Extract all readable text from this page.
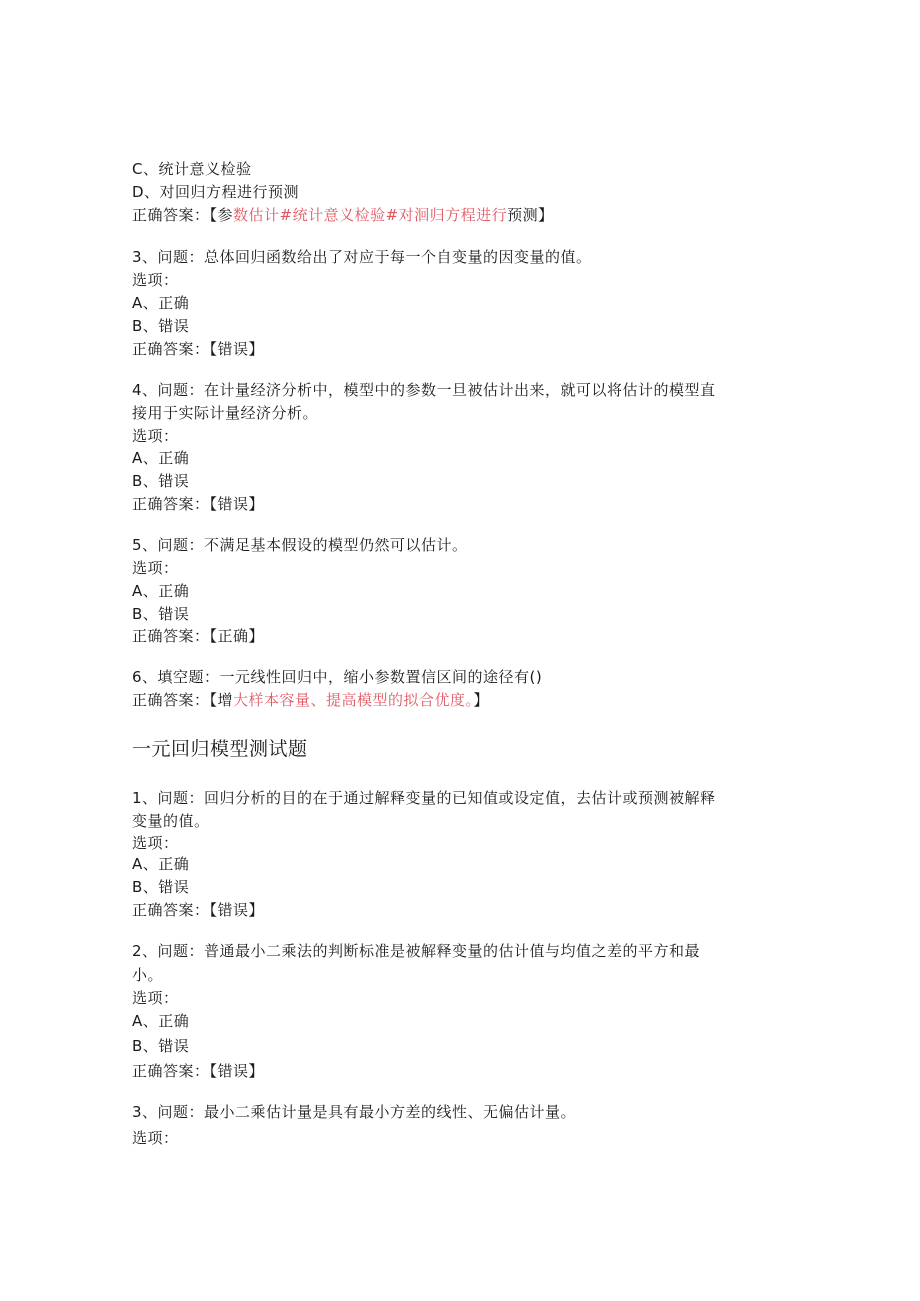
C、统计意义检验
D、对回归方程进行预测
正确答案：【参数估计#统计意义检验#对洄归方程进行预测】
3、问题：总体回归函数给出了对应于每一个自变量的因变量的值。
选项：
A、正确
B、错误
正确答案：【错误】
4、问题：在计量经济分析中，模型中的参数一旦被估计出来，就可以将估计的模型直
接用于实际计量经济分析。
选项：
A、正确
B、错误
正确答案：【错误】
5、问题：不满足基本假设的模型仍然可以估计。
选项：
A、正确
B、错误
正确答案：【正确】
6、填空题：一元线性回归中，缩小参数置信区间的途径有()
正确答案：【增大样本容量、提高模型的拟合优度。】
一元回归模型测试题
1、问题：回归分析的目的在于通过解释变量的已知值或设定值，去估计或预测被解释
变量的值。
选项：
A、正确
B、错误
正确答案：【错误】
2、问题：普通最小二乘法的判断标准是被解释变量的估计值与均值之差的平方和最
小。
选项：
A、正确
B、错误
正确答案：【错误】
3、问题：最小二乘估计量是具有最小方差的线性、无偏估计量。
选项：
